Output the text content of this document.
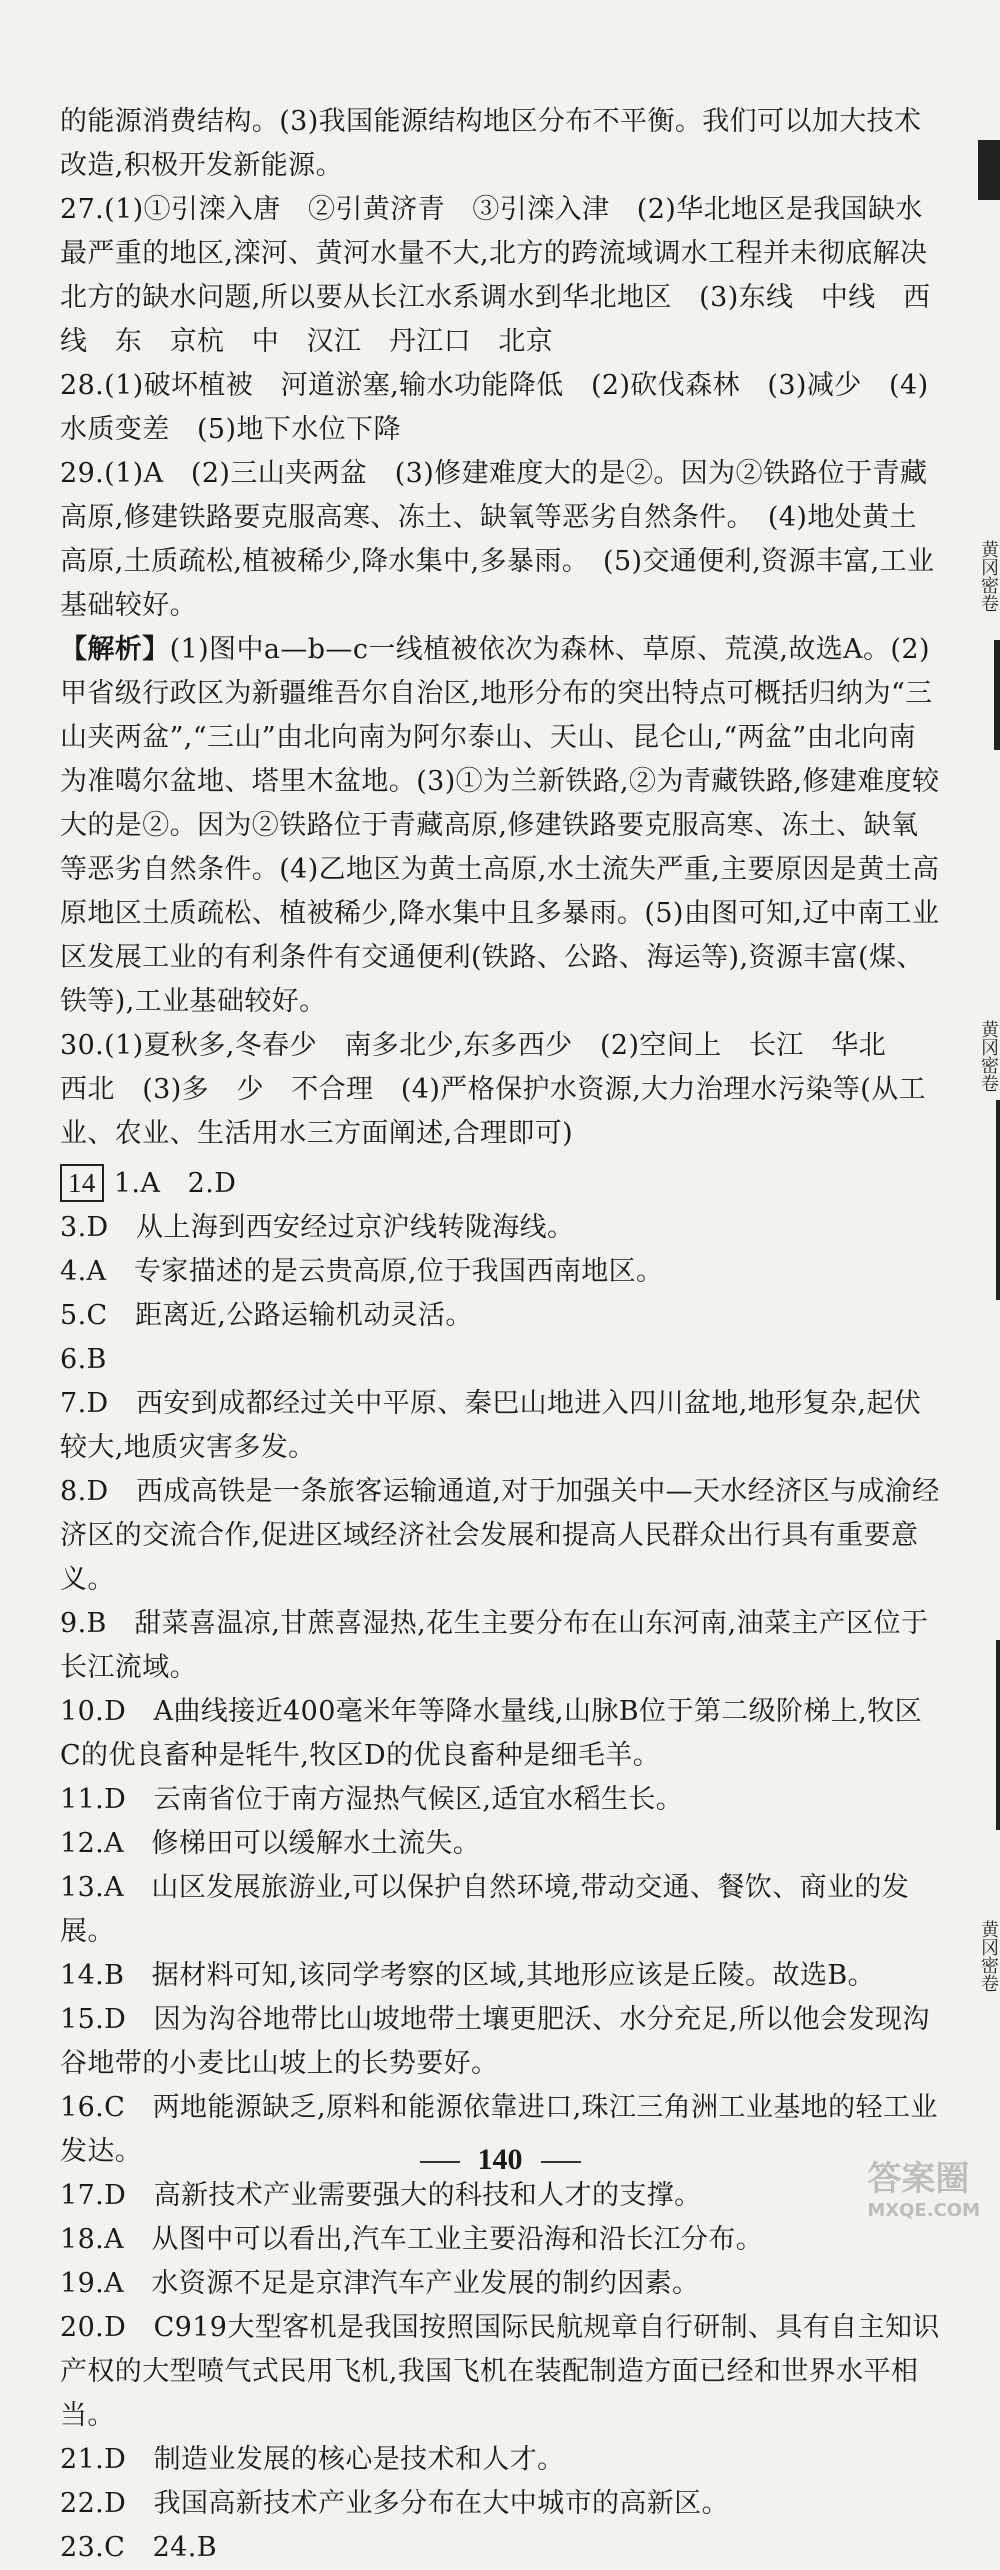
的能源消费结构。(3)我国能源结构地区分布不平衡。我们可以加大技术改造,积极开发新能源。

27.(1)①引滦入唐　②引黄济青　③引滦入津　(2)华北地区是我国缺水最严重的地区,滦河、黄河水量不大,北方的跨流域调水工程并未彻底解决北方的缺水问题,所以要从长江水系调水到华北地区　(3)东线　中线　西线　东　京杭　中　汉江　丹江口　北京

28.(1)破坏植被　河道淤塞,输水功能降低　(2)砍伐森林　(3)减少　(4)水质变差　(5)地下水位下降

29.(1)A　(2)三山夹两盆　(3)修建难度大的是②。因为②铁路位于青藏高原,修建铁路要克服高寒、冻土、缺氧等恶劣自然条件。　(4)地处黄土高原,土质疏松,植被稀少,降水集中,多暴雨。　(5)交通便利,资源丰富,工业基础较好。

【解析】(1)图中a—b—c一线植被依次为森林、草原、荒漠,故选A。(2)甲省级行政区为新疆维吾尔自治区,地形分布的突出特点可概括归纳为“三山夹两盆”,“三山”由北向南为阿尔泰山、天山、昆仑山,“两盆”由北向南为准噶尔盆地、塔里木盆地。(3)①为兰新铁路,②为青藏铁路,修建难度较大的是②。因为②铁路位于青藏高原,修建铁路要克服高寒、冻土、缺氧等恶劣自然条件。(4)乙地区为黄土高原,水土流失严重,主要原因是黄土高原地区土质疏松、植被稀少,降水集中且多暴雨。(5)由图可知,辽中南工业区发展工业的有利条件有交通便利(铁路、公路、海运等),资源丰富(煤、铁等),工业基础较好。

30.(1)夏秋多,冬春少　南多北少,东多西少　(2)空间上　长江　华北　西北　(3)多　少　不合理　(4)严格保护水资源,大力治理水污染等(从工业、农业、生活用水三方面阐述,合理即可)

14 1.A　2.D

3.D　从上海到西安经过京沪线转陇海线。

4.A　专家描述的是云贵高原,位于我国西南地区。

5.C　距离近,公路运输机动灵活。

6.B

7.D　西安到成都经过关中平原、秦巴山地进入四川盆地,地形复杂,起伏较大,地质灾害多发。

8.D　西成高铁是一条旅客运输通道,对于加强关中—天水经济区与成渝经济区的交流合作,促进区域经济社会发展和提高人民群众出行具有重要意义。

9.B　甜菜喜温凉,甘蔗喜湿热,花生主要分布在山东河南,油菜主产区位于长江流域。

10.D　A曲线接近400毫米年等降水量线,山脉B位于第二级阶梯上,牧区C的优良畜种是牦牛,牧区D的优良畜种是细毛羊。

11.D　云南省位于南方湿热气候区,适宜水稻生长。

12.A　修梯田可以缓解水土流失。

13.A　山区发展旅游业,可以保护自然环境,带动交通、餐饮、商业的发展。

14.B　据材料可知,该同学考察的区域,其地形应该是丘陵。故选B。

15.D　因为沟谷地带比山坡地带土壤更肥沃、水分充足,所以他会发现沟谷地带的小麦比山坡上的长势要好。

16.C　两地能源缺乏,原料和能源依靠进口,珠江三角洲工业基地的轻工业发达。

17.D　高新技术产业需要强大的科技和人才的支撑。

18.A　从图中可以看出,汽车工业主要沿海和沿长江分布。

19.A　水资源不足是京津汽车产业发展的制约因素。

20.D　C919大型客机是我国按照国际民航规章自行研制、具有自主知识产权的大型喷气式民用飞机,我国飞机在装配制造方面已经和世界水平相当。

21.D　制造业发展的核心是技术和人才。

22.D　我国高新技术产业多分布在大中城市的高新区。

23.C　24.B

140
黄冈密卷
黄冈密卷
黄冈密卷
答案圈
MXQE.COM
